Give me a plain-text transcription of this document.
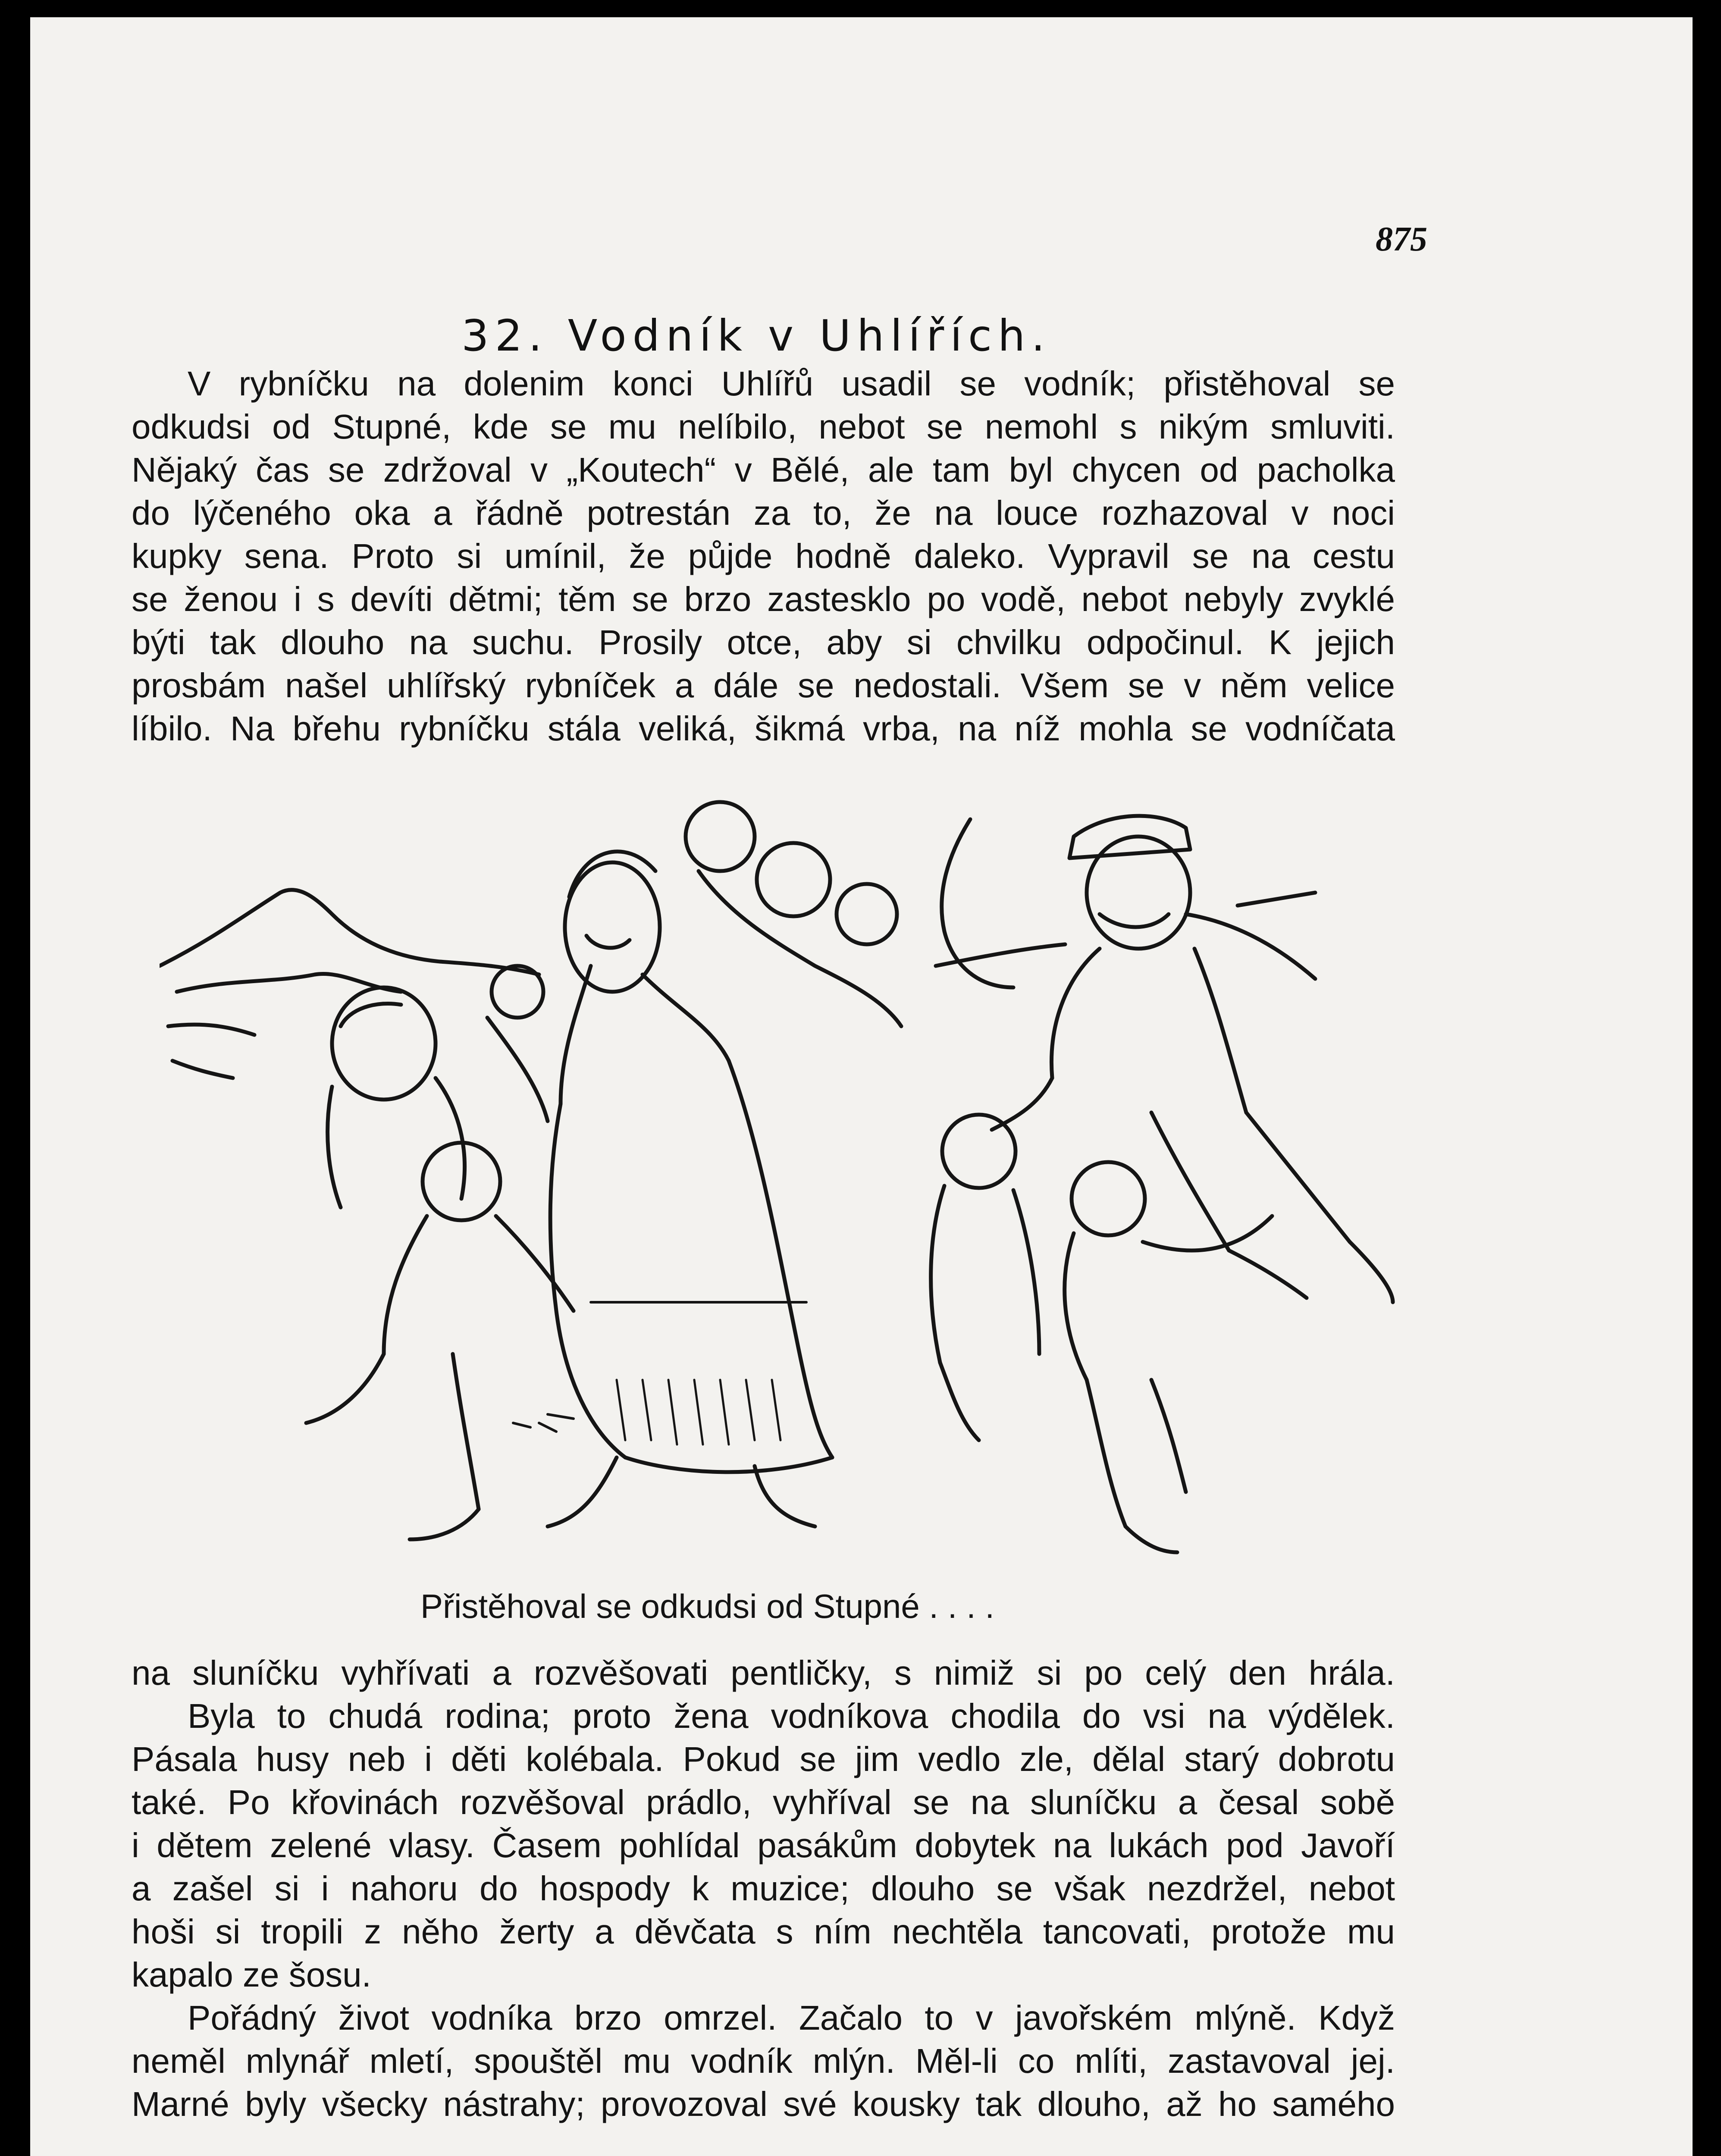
875
32. Vodník v Uhlířích.
V rybníčku na dolenim konci Uhlířů usadil se vodník; přistěhoval se
odkudsi od Stupné, kde se mu nelíbilo, nebot se nemohl s nikým smluviti.
Nějaký čas se zdržoval v „Koutech“ v Bělé, ale tam byl chycen od pacholka
do lýčeného oka a řádně potrestán za to, že na louce rozhazoval v noci
kupky sena. Proto si umínil, že půjde hodně daleko. Vypravil se na cestu
se ženou i s devíti dětmi; těm se brzo zastesklo po vodě, nebot nebyly zvyklé
býti tak dlouho na suchu. Prosily otce, aby si chvilku odpočinul. K jejich
prosbám našel uhlířský rybníček a dále se nedostali. Všem se v něm velice
líbilo. Na břehu rybníčku stála veliká, šikmá vrba, na níž mohla se vodníčata
Přistěhoval se odkudsi od Stupné . . . .
na sluníčku vyhřívati a rozvěšovati pentličky, s nimiž si po celý den hrála.
Byla to chudá rodina; proto žena vodníkova chodila do vsi na výdělek.
Pásala husy neb i děti kolébala. Pokud se jim vedlo zle, dělal starý dobrotu
také. Po křovinách rozvěšoval prádlo, vyhříval se na sluníčku a česal sobě
i dětem zelené vlasy. Časem pohlídal pasákům dobytek na lukách pod Javoří
a zašel si i nahoru do hospody k muzice; dlouho se však nezdržel, nebot
hoši si tropili z něho žerty a děvčata s ním nechtěla tancovati, protože mu
kapalo ze šosu.
Pořádný život vodníka brzo omrzel. Začalo to v javořském mlýně. Když
neměl mlynář mletí, spouštěl mu vodník mlýn. Měl-li co mlíti, zastavoval jej.
Marné byly všecky nástrahy; provozoval své kousky tak dlouho, až ho samého
